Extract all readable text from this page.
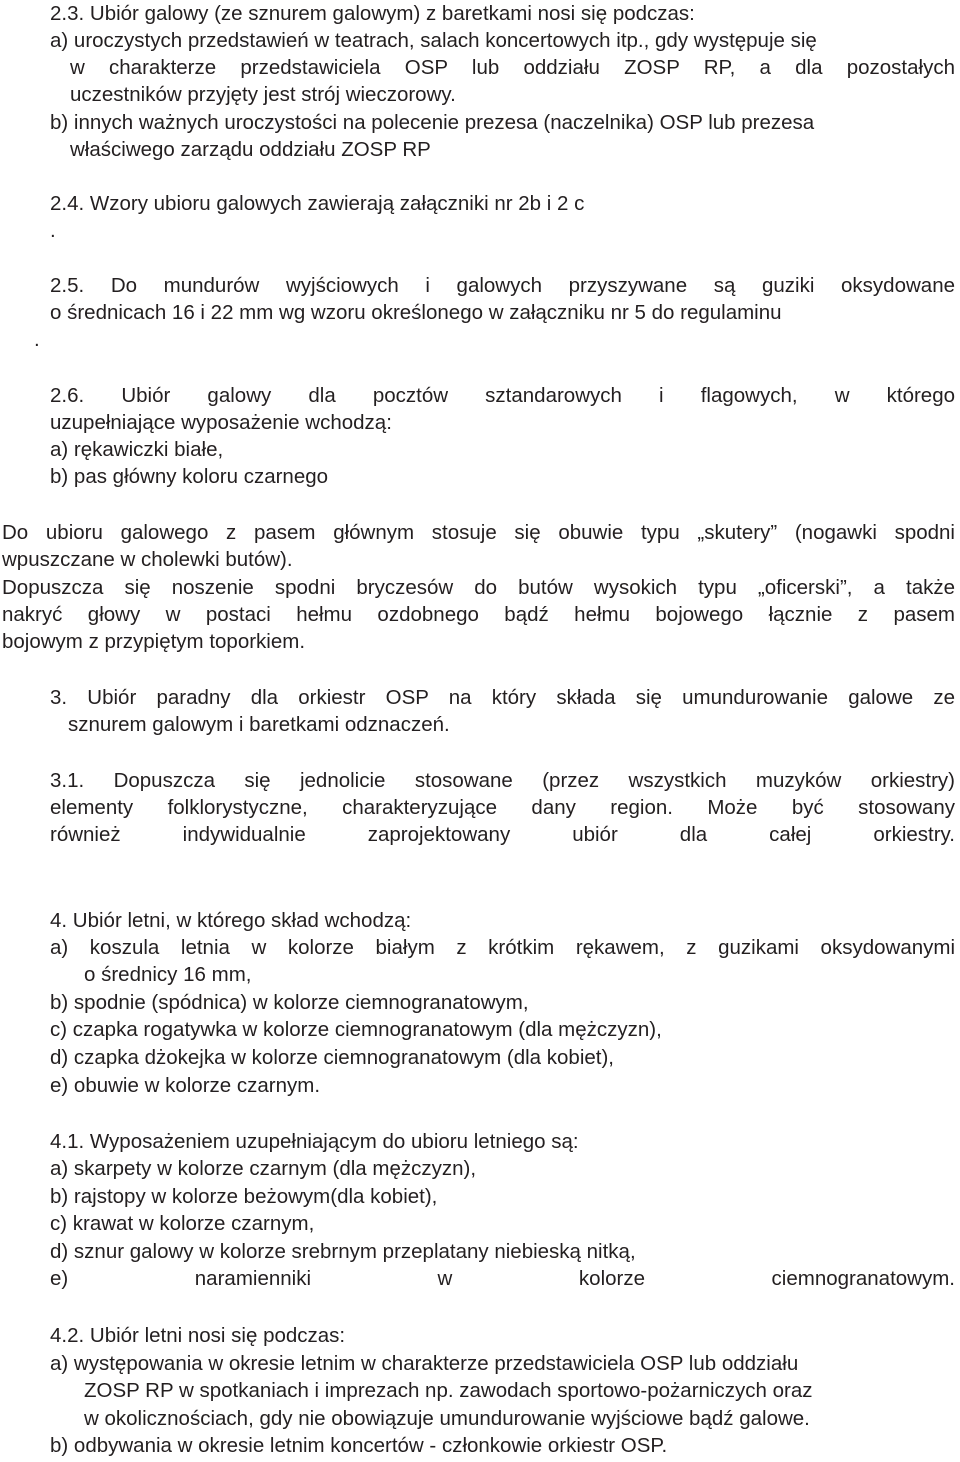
2.3. Ubiór galowy (ze sznurem galowym) z baretkami nosi się podczas:

a) uroczystych przedstawień w teatrach, salach koncertowych itp., gdy występuje się

w charakterze przedstawiciela OSP lub oddziału ZOSP RP, a dla pozostałych

uczestników przyjęty jest strój wieczorowy.

b) innych ważnych uroczystości na polecenie prezesa (naczelnika) OSP lub prezesa

właściwego zarządu oddziału ZOSP RP

2.4. Wzory ubioru galowych zawierają załączniki nr 2b i 2 c

.

2.5. Do mundurów wyjściowych i galowych przyszywane są guziki oksydowane

o średnicach 16 i 22 mm wg wzoru określonego w załączniku nr 5 do regulaminu

.

2.6. Ubiór galowy dla pocztów sztandarowych i flagowych, w którego

uzupełniające wyposażenie wchodzą:

a) rękawiczki białe,

b) pas główny koloru czarnego

Do ubioru galowego z pasem głównym stosuje się obuwie typu „skutery” (nogawki spodni

wpuszczane w cholewki butów).

Dopuszcza się noszenie spodni bryczesów do butów wysokich typu „oficerski”, a także

nakryć głowy w postaci hełmu ozdobnego bądź hełmu bojowego łącznie z pasem

bojowym z przypiętym toporkiem.

3. Ubiór paradny dla orkiestr OSP na który składa się umundurowanie galowe ze

sznurem galowym i baretkami odznaczeń.

3.1. Dopuszcza się jednolicie stosowane (przez wszystkich muzyków orkiestry)

elementy folklorystyczne, charakteryzujące dany region. Może być stosowany

również indywidualnie zaprojektowany ubiór dla całej orkiestry.

4. Ubiór letni, w którego skład wchodzą:

a) koszula letnia w kolorze białym z krótkim rękawem, z guzikami oksydowanymi

o średnicy 16 mm,

b) spodnie (spódnica) w kolorze ciemnogranatowym,

c) czapka rogatywka w kolorze ciemnogranatowym (dla mężczyzn),

d) czapka dżokejka w kolorze ciemnogranatowym (dla kobiet),

e) obuwie w kolorze czarnym.

4.1. Wyposażeniem uzupełniającym do ubioru letniego są:

a) skarpety w kolorze czarnym (dla mężczyzn),

b) rajstopy w kolorze beżowym(dla kobiet),

c) krawat w kolorze czarnym,

d) sznur galowy w kolorze srebrnym przeplatany niebieską nitką,

e) naramienniki w kolorze ciemnogranatowym.

4.2. Ubiór letni nosi się podczas:

a) występowania w okresie letnim w charakterze przedstawiciela OSP lub oddziału

ZOSP RP w spotkaniach i imprezach np. zawodach sportowo-pożarniczych oraz

w okolicznościach, gdy nie obowiązuje umundurowanie wyjściowe bądź galowe.

b) odbywania w okresie letnim koncertów - członkowie orkiestr OSP.
